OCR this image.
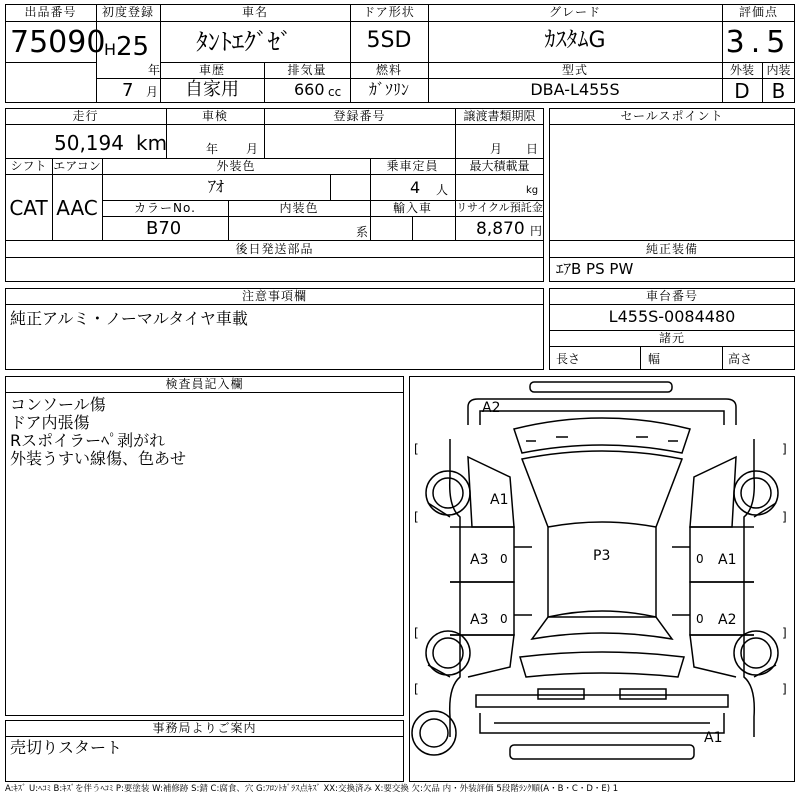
出品番号
75090
初度登録
H 25
年
7 月
車名
ﾀﾝﾄｴｸﾞｾﾞ
ドア形状
5SD
グレード
ｶｽﾀﾑG
評価点
3.5
外装	内装
D	B
車歴	排気量	燃料	型式
自家用	660 cc	ｶﾞｿﾘﾝ	DBA-L455S
走行
50,194 km
車検
年 月
登録番号	譲渡書類期限
月 日
シフト エアコン
CAT AAC
外装色
ｱｵ
乗車定員
4 人
最大積載量
kg
カラーNo.
B70
内装色
系
輸入車	リサイクル預託金
8,870 円
後日発送部品
セールスポイント
純正装備
ｴｱB PS PW
注意事項欄
純正アルミ・ノーマルタイヤ車載
車台番号
L455S-0084480
諸元
長さ	幅	高さ
検査員記入欄
コンソール傷
ドア内張傷
Rスポイラーﾍﾟ剥がれ
外装うすい線傷、色あせ
事務局よりご案内
売切りスタート
A2
A1
A3 0	P3	0 A1
A3 0	0 A2
A1
[	]
[	]
[	]
[	]
A:ｷｽﾞ U:ﾍｺﾐ B:ｷｽﾞを伴うﾍｺﾐ P:要塗装 W:補修跡 S:錆 C:腐食、穴 G:ﾌﾛﾝﾄｶﾞﾗｽ点ｷｽﾞ XX:交換済み X:要交換 欠:欠品 内・外装評価 5段階ﾗﾝｸ順(A・B・C・D・E) 1
